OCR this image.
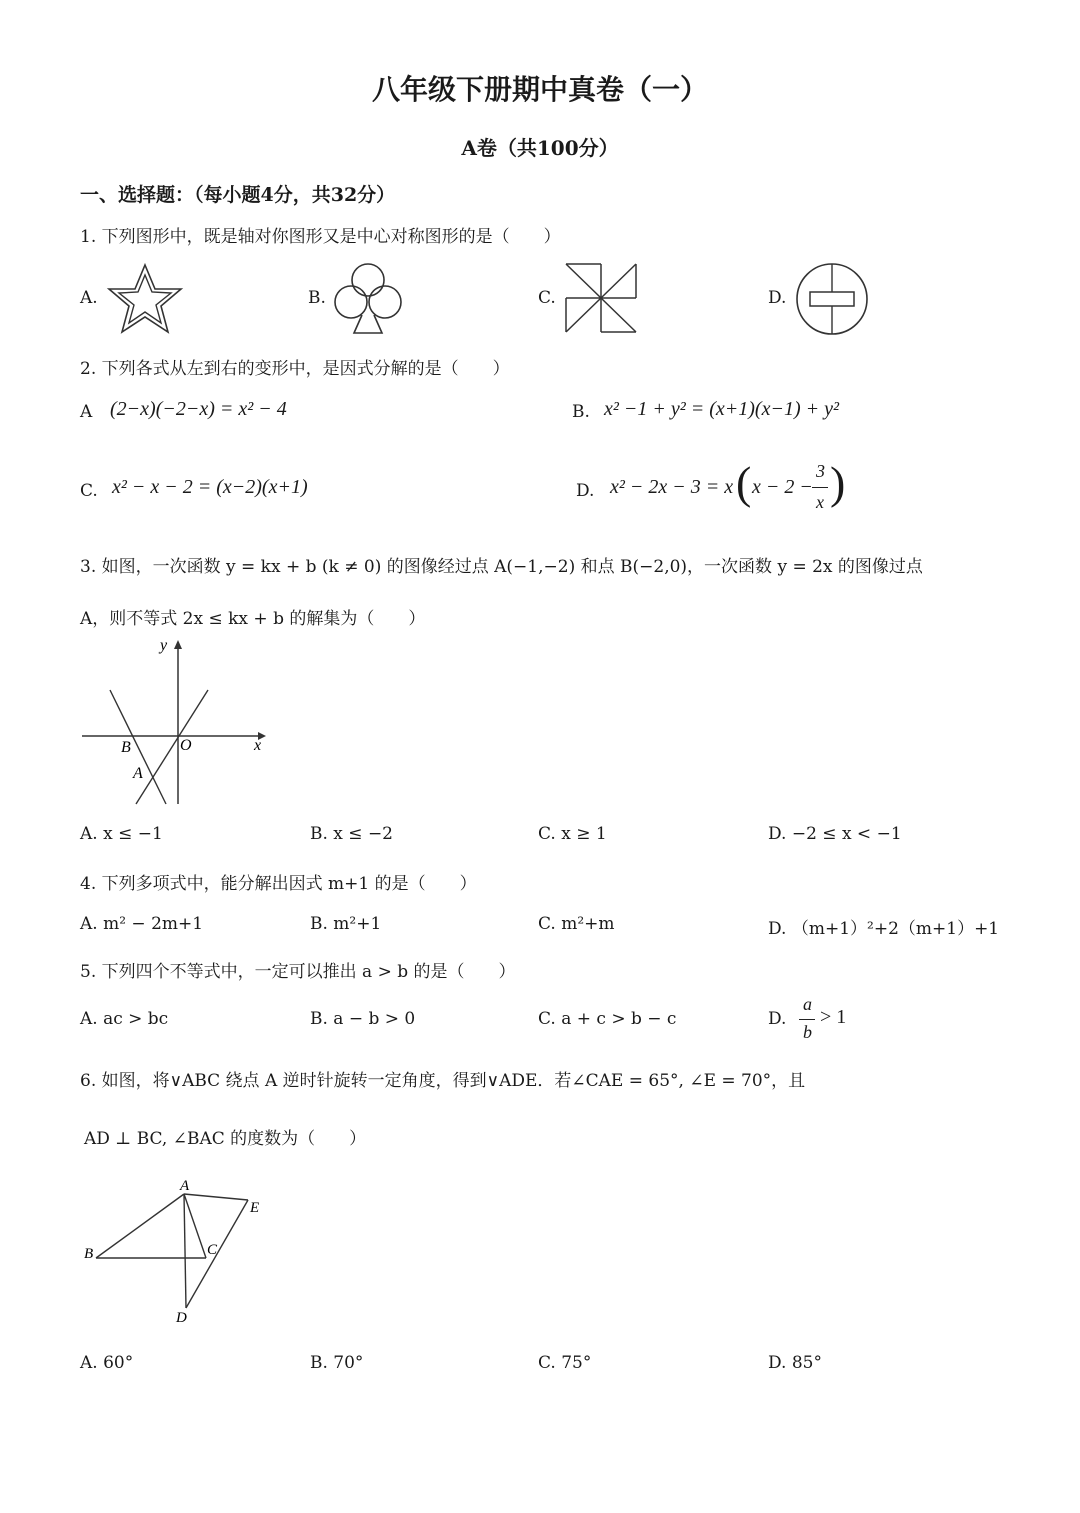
八年级下册期中真卷（一）
A卷（共100分）
一、选择题：（每小题4分，共32分）
1. 下列图形中，既是轴对你图形又是中心对称图形的是（　　）
A.	B.	C.	D.
2. 下列各式从左到右的变形中，是因式分解的是（　　）
A (2−x)(−2−x) = x² − 4	B. x² −1 + y² = (x+1)(x−1) + y²
C. x² − x − 2 = (x−2)(x+1)	D. x² − 2x − 3 = x ( x − 2 −
3
x )
3. 如图，一次函数 y = kx + b (k ≠ 0) 的图像经过点 A(−1,−2) 和点 B(−2,0)，一次函数 y = 2x 的图像过点
A，则不等式 2x ≤ kx + b 的解集为（　　）
y
x
O
B
A
A. x ≤ −1	B. x ≤ −2	C. x ≥ 1	D. −2 ≤ x < −1
4. 下列多项式中，能分解出因式 m+1 的是（　　）
A. m² − 2m+1	B. m²+1	C. m²+m	D. （m+1）²+2（m+1）+1
5. 下列四个不等式中，一定可以推出 a > b 的是（　　）
A. ac > bc	B. a − b > 0	C. a + c > b − c	D.
a
b
> 1
6. 如图，将∨ABC 绕点 A 逆时针旋转一定角度，得到∨ADE．若∠CAE = 65°, ∠E = 70°，且
AD ⊥ BC, ∠BAC 的度数为（　　）
A
E
B	C
D
A. 60°	B. 70°	C. 75°	D. 85°
